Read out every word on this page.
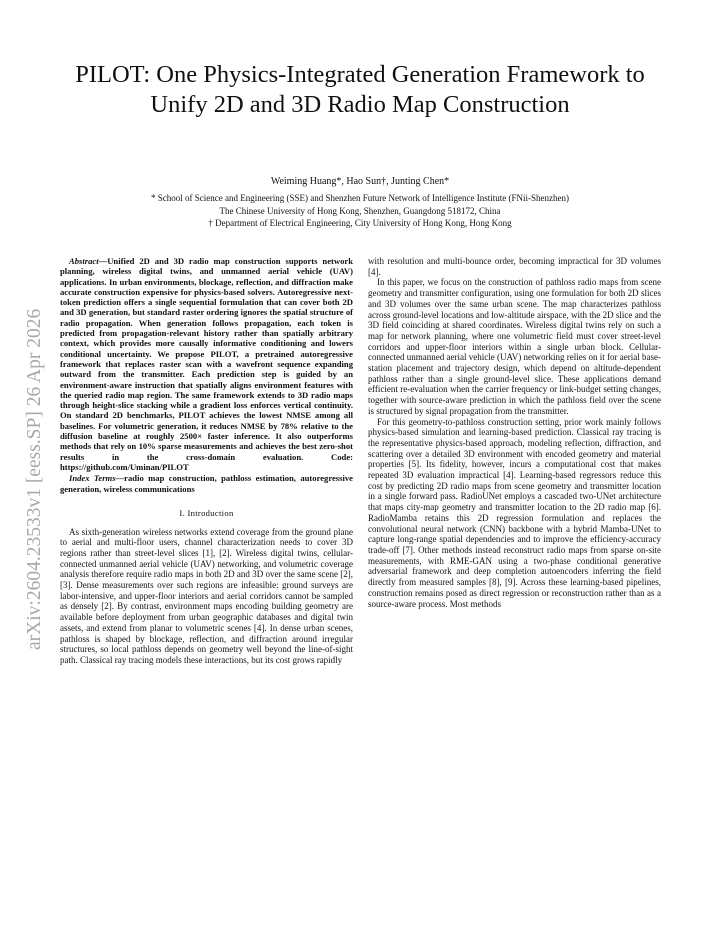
arXiv:2604.23533v1 [eess.SP] 26 Apr 2026
PILOT: One Physics-Integrated Generation Framework to Unify 2D and 3D Radio Map Construction
Weiming Huang*, Hao Sun†, Junting Chen*
* School of Science and Engineering (SSE) and Shenzhen Future Network of Intelligence Institute (FNii-Shenzhen)
The Chinese University of Hong Kong, Shenzhen, Guangdong 518172, China
† Department of Electrical Engineering, City University of Hong Kong, Hong Kong

Abstract—Unified 2D and 3D radio map construction supports network planning, wireless digital twins, and unmanned aerial vehicle (UAV) applications. In urban environments, blockage, reflection, and diffraction make accurate construction expensive for physics-based solvers. Autoregressive next-token prediction offers a single sequential formulation that can cover both 2D and 3D generation, but standard raster ordering ignores the spatial structure of radio propagation. When generation follows propagation, each token is predicted from propagation-relevant history rather than spatially arbitrary context, which provides more causally informative conditioning and lowers conditional uncertainty. We propose PILOT, a pretrained autoregressive framework that replaces raster scan with a wavefront sequence expanding outward from the transmitter. Each prediction step is guided by an environment-aware instruction that spatially aligns environment features with the queried radio map region. The same framework extends to 3D radio maps through height-slice stacking while a gradient loss enforces vertical continuity. On standard 2D benchmarks, PILOT achieves the lowest NMSE among all baselines. For volumetric generation, it reduces NMSE by 78% relative to the diffusion baseline at roughly 2500× faster inference. It also outperforms methods that rely on 10% sparse measurements and achieves the best zero-shot results in the cross-domain evaluation. Code: https://github.com/Uminan/PILOT

Index Terms—radio map construction, pathloss estimation, autoregressive generation, wireless communications

I. Introduction

As sixth-generation wireless networks extend coverage from the ground plane to aerial and multi-floor users, channel characterization needs to cover 3D regions rather than street-level slices [1], [2]. Wireless digital twins, cellular-connected unmanned aerial vehicle (UAV) networking, and volumetric coverage analysis therefore require radio maps in both 2D and 3D over the same scene [2], [3]. Dense measurements over such regions are infeasible: ground surveys are labor-intensive, and upper-floor interiors and aerial corridors cannot be sampled as densely [2]. By contrast, environment maps encoding building geometry are available before deployment from urban geographic databases and digital twin assets, and extend from planar to volumetric scenes [4]. In dense urban scenes, pathloss is shaped by blockage, reflection, and diffraction around irregular structures, so local pathloss depends on geometry well beyond the line-of-sight path. Classical ray tracing models these interactions, but its cost grows rapidly

with resolution and multi-bounce order, becoming impractical for 3D volumes [4].

In this paper, we focus on the construction of pathloss radio maps from scene geometry and transmitter configuration, using one formulation for both 2D slices and 3D volumes over the same urban scene. The map characterizes pathloss across ground-level locations and low-altitude airspace, with the 2D slice and the 3D field coinciding at shared coordinates. Wireless digital twins rely on such a map for network planning, where one volumetric field must cover street-level corridors and upper-floor interiors within a single urban block. Cellular-connected unmanned aerial vehicle (UAV) networking relies on it for aerial base-station placement and trajectory design, which depend on altitude-dependent pathloss rather than a single ground-level slice. These applications demand efficient re-evaluation when the carrier frequency or link-budget setting changes, together with source-aware prediction in which the pathloss field over the scene is structured by signal propagation from the transmitter.

For this geometry-to-pathloss construction setting, prior work mainly follows physics-based simulation and learning-based prediction. Classical ray tracing is the representative physics-based approach, modeling reflection, diffraction, and scattering over a detailed 3D environment with encoded geometry and material properties [5]. Its fidelity, however, incurs a computational cost that makes repeated 3D evaluation impractical [4]. Learning-based regressors reduce this cost by predicting 2D radio maps from scene geometry and transmitter location in a single forward pass. RadioUNet employs a cascaded two-UNet architecture that maps city-map geometry and transmitter location to the 2D radio map [6]. RadioMamba retains this 2D regression formulation and replaces the convolutional neural network (CNN) backbone with a hybrid Mamba-UNet to capture long-range spatial dependencies and to improve the efficiency-accuracy trade-off [7]. Other methods instead reconstruct radio maps from sparse on-site measurements, with RME-GAN using a two-phase conditional generative adversarial framework and deep completion autoencoders inferring the field directly from measured samples [8], [9]. Across these learning-based pipelines, construction remains posed as direct regression or reconstruction rather than as a source-aware process. Most methods
